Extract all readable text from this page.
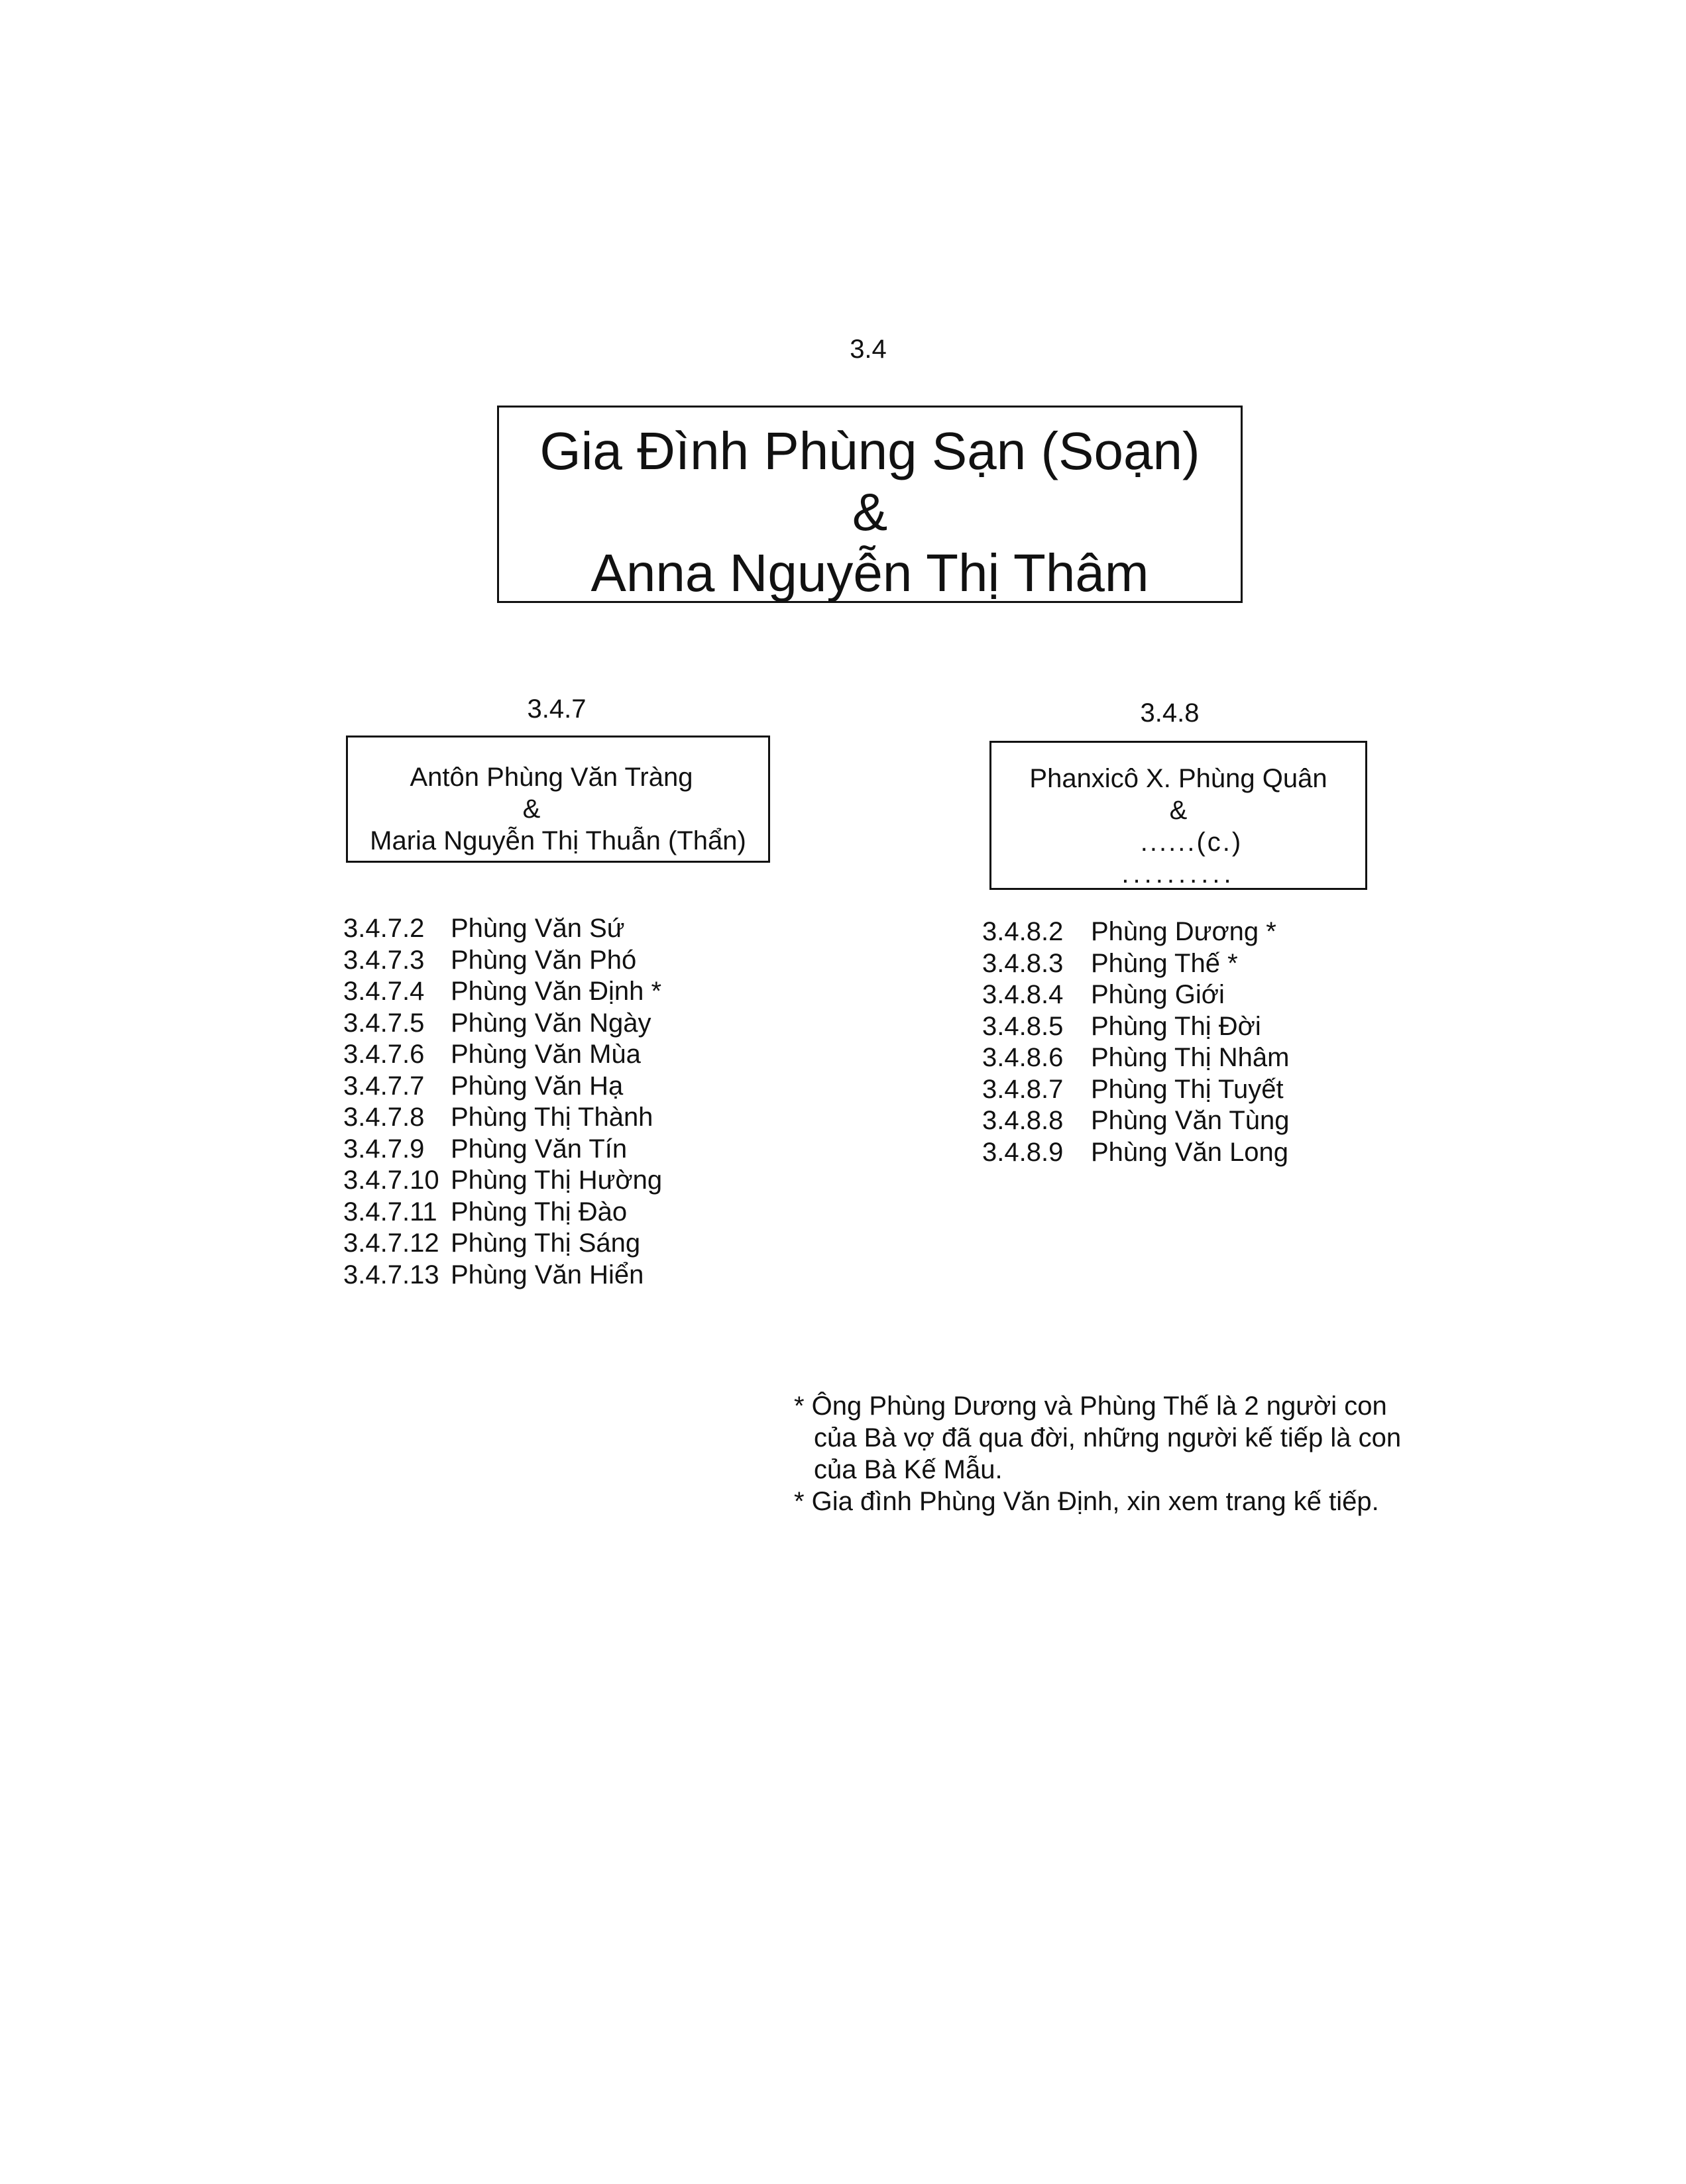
3.4
Gia Đình Phùng Sạn (Soạn)
&
Anna Nguyễn Thị Thâm
3.4.7
Antôn Phùng Văn Tràng
&
Maria Nguyễn Thị Thuẫn (Thẩn)
3.4.7.2 Phùng Văn Sứ
3.4.7.3 Phùng Văn Phó
3.4.7.4 Phùng Văn Định *
3.4.7.5 Phùng Văn Ngày
3.4.7.6 Phùng Văn Mùa
3.4.7.7 Phùng Văn Hạ
3.4.7.8 Phùng Thị Thành
3.4.7.9 Phùng Văn Tín
3.4.7.10 Phùng Thị Hường
3.4.7.11 Phùng Thị Đào
3.4.7.12 Phùng Thị Sáng
3.4.7.13 Phùng Văn Hiển
3.4.8
Phanxicô X. Phùng Quân
&
......(c.)
..........
3.4.8.2 Phùng Dương *
3.4.8.3 Phùng Thế *
3.4.8.4 Phùng Giới
3.4.8.5 Phùng Thị Đời
3.4.8.6 Phùng Thị Nhâm
3.4.8.7 Phùng Thị Tuyết
3.4.8.8 Phùng Văn Tùng
3.4.8.9 Phùng Văn Long
* Ông Phùng Dương và Phùng Thế là 2 người con
của Bà vợ đã qua đời, những người kế tiếp là con
của Bà Kế Mẫu.
* Gia đình Phùng Văn Định, xin xem trang kế tiếp.
